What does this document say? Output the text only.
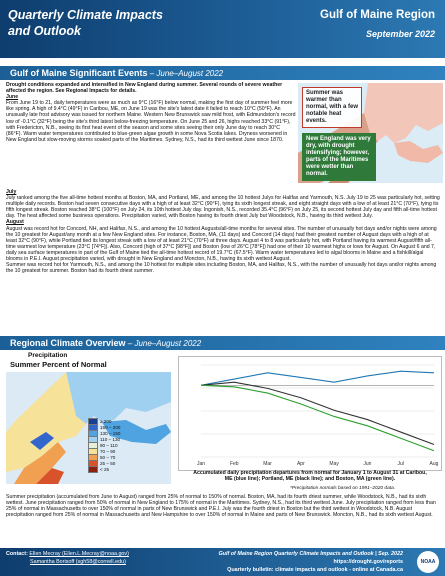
Quarterly Climate Impacts
and Outlook
Gulf of Maine Region
September 2022
Gulf of Maine Significant Events – June–August 2022

Drought conditions expanded and intensified in New England during summer. Several rounds of severe weather affected the region. See Regional Impacts for details.

June

From June 19 to 21, daily temperatures were as much as 9°C (16°F) below normal, making the first day of summer feel more like spring. A high of 9.4°C (49°F) in Caribou, ME, on June 19 was the site's latest date it failed to reach 10°C (50°F). An unusually late frost advisory was issued for northern Maine. Western New Brunswick saw mild frost, with Edmundston's record low of -0.1°C (32°F) being the site's third latest below-freezing temperature. On June 25 and 26, highs reached 33°C (91°F), with Fredericton, N.B., seeing its first heat event of the season and some sites seeing their only June day to reach 30°C (86°F). Warm water temperatures contributed to blue-green algae growth in some Nova Scotia lakes. Dryness worsened in New England but slow-moving storms soaked parts of the Maritimes. Sydney, N.S., had its third wettest June since 1870.

Summer was warmer than normal, with a few notable heat events.
New England was very dry, with drought intensifying; however, parts of the Maritimes were wetter than normal.

July

July ranked among the five all-time hottest months at Boston, MA, and Portland, ME, and among the 10 hottest Julys for Halifax and Yarmouth, N.S. July 19 to 25 was particularly hot, setting multiple daily records. Boston had seven consecutive days with a high of at least 32°C (90°F), tying its sixth longest streak, and eight straight days with a low of at least 21°C (70°F), tying its fifth longest streak. Boston reached 38°C (100°F) on July 24, its 10th hottest July day. Ingonish, N.S., recorded 35.4°C (96°F) on July 25, its second hottest July day and fifth all-time hottest day. The heat affected some business operations. Precipitation varied, with Boston having its fourth driest July but Woodstock, N.B., having its third wettest July.

August

August was record hot for Concord, NH, and Halifax, N.S., and among the 10 hottest Augusts/all-time months for several sites. The number of unusually hot days and/or nights were among the 10 greatest for August/any month at a few New England sites. For instance, Boston, MA, (11 days) and Concord (14 days) had their greatest number of August days with a high of at least 32°C (90°F), while Portland tied its longest streak with a low of at least 21°C (70°F) at three days. August 4 to 8 was particularly hot, with Portland having its warmest August/fifth all-time warmest low temperature (23°C [74°F]). Also, Concord (high of 37°C [98°F]) and Boston (low of 26°C [78°F]) had one of their 10 warmest highs or lows for August. On August 6 and 7, daily sea surface temperatures in part of the Gulf of Maine tied the all-time hottest record of 19.7°C (67.5°F). Warm water temperatures led to algal blooms in Maine and a fishkill/algal blooms in P.E.I. August precipitation varied, with drought in New England and Moncton, N.B., having its sixth wettest August.

Summer was record hot for Yarmouth, N.S., and among the 10 hottest for multiple sites including Boston, MA, and Halifax, N.S., with the number of unusually hot days and/or nights among the 10 greatest for summer. Boston had its fourth driest summer.

Regional Climate Overview – June–August 2022
Precipitation
Summer Percent of Normal
≥ 200
150 – 200
130 – 150
110 – 130
90 – 110
70 – 90
50 – 70
25 – 50
< 25
Jan	Feb	Mar	Apr	May	Jun	Jul	Aug
Accumulated daily precipitation departures from normal for January 1 to August 31 at Caribou, ME (blue line); Portland, ME (black line); and Boston, MA (green line).
*Precipitation normals based on 1991–2020 data.
Summer precipitation (accumulated from June to August) ranged from 25% of normal to 150% of normal. Boston, MA, had its fourth driest summer, while Woodstock, N.B., had its sixth wettest. June precipitation ranged from 50% of normal in New England to 175% of normal in the Maritimes. Sydney, N.S., had its third wettest June. July precipitation ranged from less than 25% of normal in Massachusetts to over 150% of normal in parts of New Brunswick and P.E.I. July was the fourth driest in Boston but the third wettest in Woodstock, N.B. August precipitation ranged from 25% of normal in Massachusetts and New Hampshire to over 150% of normal in Maine and parts of New Brunswick. Moncton, N.B., had its sixth wettest August.
Contact: Ellen Mecray (Ellen.L.Mecray@noaa.gov)
Samantha Borisoff (sgh58@cornell.edu)
Gulf of Maine Region Quarterly Climate Impacts and Outlook | Sep. 2022
https://drought.gov/reports
Quarterly bulletin: climate impacts and outlook - online at Canada.ca
NOAA
